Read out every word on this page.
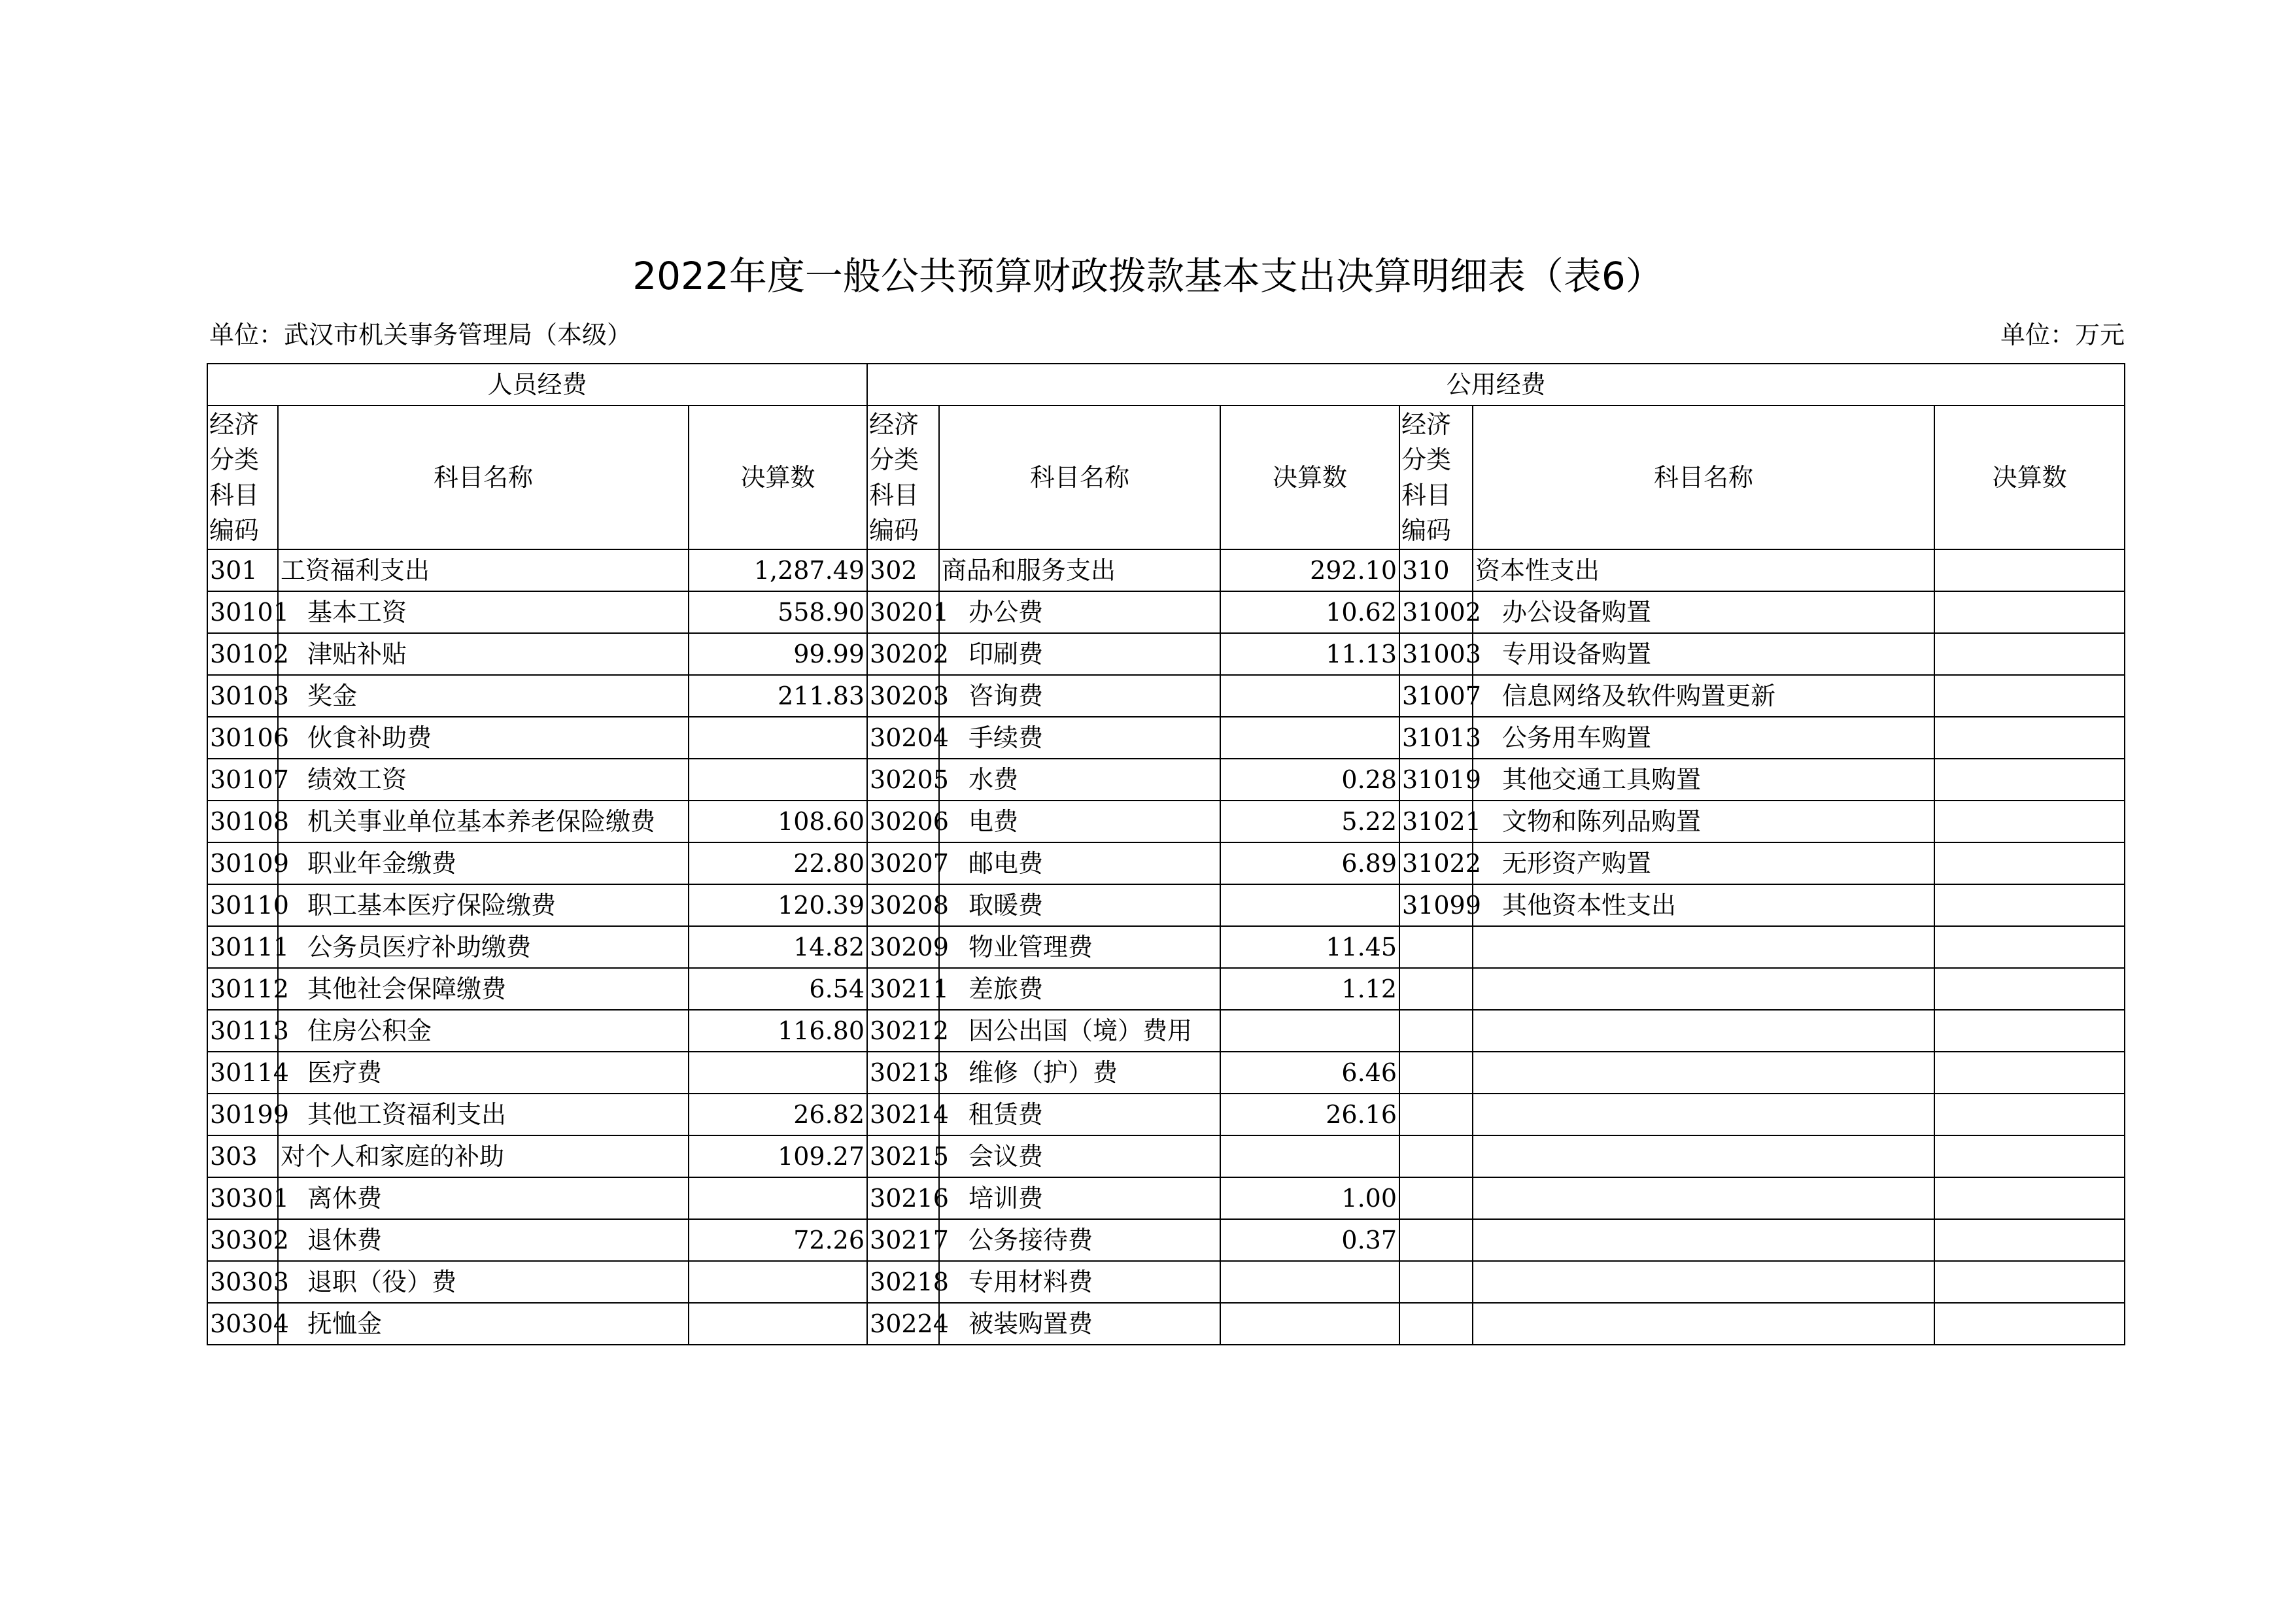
2022年度一般公共预算财政拨款基本支出决算明细表（表6）
单位：武汉市机关事务管理局（本级）	单位：万元
人员经费			公用经费					
经济分类科目编码	科目名称	决算数	经济分类科目编码	科目名称	决算数	经济分类科目编码	科目名称	决算数
301	工资福利支出	1,287.49	302	商品和服务支出	292.10	310	资本性支出	
30101	基本工资	558.90	30201	办公费	10.62	31002	办公设备购置	
30102	津贴补贴	99.99	30202	印刷费	11.13	31003	专用设备购置	
30103	奖金	211.83	30203	咨询费		31007	信息网络及软件购置更新	
30106	伙食补助费		30204	手续费		31013	公务用车购置	
30107	绩效工资		30205	水费	0.28	31019	其他交通工具购置	
30108	机关事业单位基本养老保险缴费	108.60	30206	电费	5.22	31021	文物和陈列品购置	
30109	职业年金缴费	22.80	30207	邮电费	6.89	31022	无形资产购置	
30110	职工基本医疗保险缴费	120.39	30208	取暖费		31099	其他资本性支出	
30111	公务员医疗补助缴费	14.82	30209	物业管理费	11.45			
30112	其他社会保障缴费	6.54	30211	差旅费	1.12			
30113	住房公积金	116.80	30212	因公出国（境）费用				
30114	医疗费		30213	维修（护）费	6.46			
30199	其他工资福利支出	26.82	30214	租赁费	26.16			
303	对个人和家庭的补助	109.27	30215	会议费				
30301	离休费		30216	培训费	1.00			
30302	退休费	72.26	30217	公务接待费	0.37			
30303	退职（役）费		30218	专用材料费				
30304	抚恤金		30224	被装购置费				
